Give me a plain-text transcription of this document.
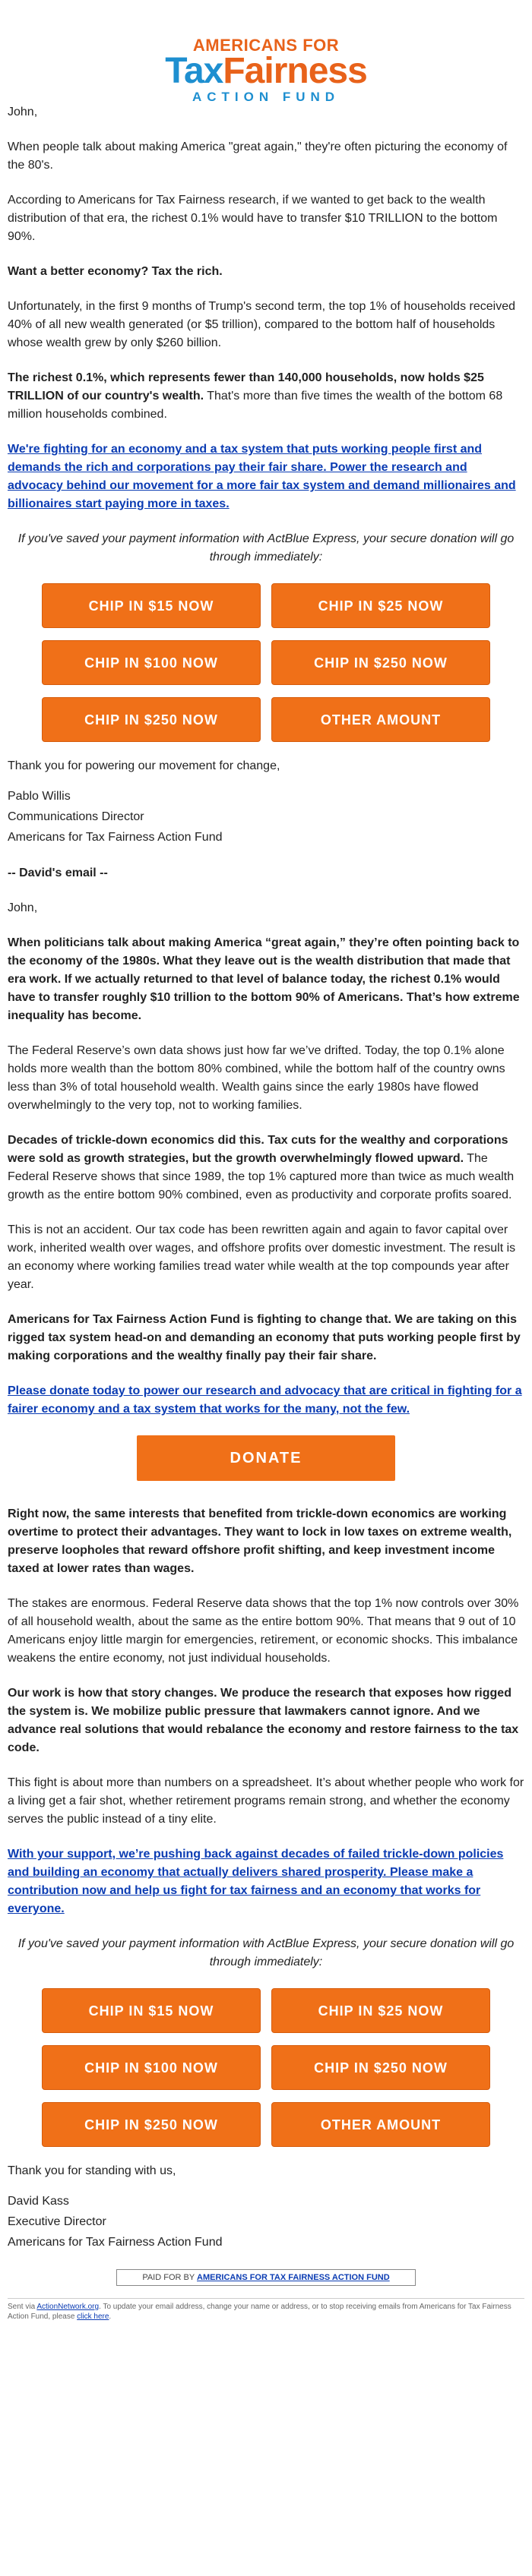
AMERICANS FOR
TaxFairness
ACTION FUND

John,

When people talk about making America "great again," they're often picturing the economy of the 80's.

According to Americans for Tax Fairness research, if we wanted to get back to the wealth distribution of that era, the richest 0.1% would have to transfer $10 TRILLION to the bottom 90%.

Want a better economy? Tax the rich.

Unfortunately, in the first 9 months of Trump's second term, the top 1% of households received 40% of all new wealth generated (or $5 trillion), compared to the bottom half of households whose wealth grew by only $260 billion.

The richest 0.1%, which represents fewer than 140,000 households, now holds $25 TRILLION of our country's wealth. That's more than five times the wealth of the bottom 68 million households combined.

We're fighting for an economy and a tax system that puts working people first and demands the rich and corporations pay their fair share. Power the research and advocacy behind our movement for a more fair tax system and demand millionaires and billionaires start paying more in taxes.

If you've saved your payment information with ActBlue Express, your secure donation will go through immediately:

CHIP IN $15 NOW	CHIP IN $25 NOW
CHIP IN $100 NOW	CHIP IN $250 NOW
CHIP IN $250 NOW	OTHER AMOUNT

Thank you for powering our movement for change,

Pablo Willis

Communications Director

Americans for Tax Fairness Action Fund

-- David's email --

John,

When politicians talk about making America “great again,” they’re often pointing back to the economy of the 1980s. What they leave out is the wealth distribution that made that era work. If we actually returned to that level of balance today, the richest 0.1% would have to transfer roughly $10 trillion to the bottom 90% of Americans. That’s how extreme inequality has become.

The Federal Reserve’s own data shows just how far we’ve drifted. Today, the top 0.1% alone holds more wealth than the bottom 80% combined, while the bottom half of the country owns less than 3% of total household wealth. Wealth gains since the early 1980s have flowed overwhelmingly to the very top, not to working families.

Decades of trickle-down economics did this. Tax cuts for the wealthy and corporations were sold as growth strategies, but the growth overwhelmingly flowed upward. The Federal Reserve shows that since 1989, the top 1% captured more than twice as much wealth growth as the entire bottom 90% combined, even as productivity and corporate profits soared.

This is not an accident. Our tax code has been rewritten again and again to favor capital over work, inherited wealth over wages, and offshore profits over domestic investment. The result is an economy where working families tread water while wealth at the top compounds year after year.

Americans for Tax Fairness Action Fund is fighting to change that. We are taking on this rigged tax system head-on and demanding an economy that puts working people first by making corporations and the wealthy finally pay their fair share.

Please donate today to power our research and advocacy that are critical in fighting for a fairer economy and a tax system that works for the many, not the few.

DONATE

Right now, the same interests that benefited from trickle-down economics are working overtime to protect their advantages. They want to lock in low taxes on extreme wealth, preserve loopholes that reward offshore profit shifting, and keep investment income taxed at lower rates than wages.

The stakes are enormous. Federal Reserve data shows that the top 1% now controls over 30% of all household wealth, about the same as the entire bottom 90%. That means that 9 out of 10 Americans enjoy little margin for emergencies, retirement, or economic shocks. This imbalance weakens the entire economy, not just individual households.

Our work is how that story changes. We produce the research that exposes how rigged the system is. We mobilize public pressure that lawmakers cannot ignore. And we advance real solutions that would rebalance the economy and restore fairness to the tax code.

This fight is about more than numbers on a spreadsheet. It’s about whether people who work for a living get a fair shot, whether retirement programs remain strong, and whether the economy serves the public instead of a tiny elite.

With your support, we’re pushing back against decades of failed trickle-down policies and building an economy that actually delivers shared prosperity. Please make a contribution now and help us fight for tax fairness and an economy that works for everyone.

If you've saved your payment information with ActBlue Express, your secure donation will go through immediately:

CHIP IN $15 NOW	CHIP IN $25 NOW
CHIP IN $100 NOW	CHIP IN $250 NOW
CHIP IN $250 NOW	OTHER AMOUNT

Thank you for standing with us,

David Kass

Executive Director

Americans for Tax Fairness Action Fund

PAID FOR BY AMERICANS FOR TAX FAIRNESS ACTION FUND
Sent via ActionNetwork.org. To update your email address, change your name or address, or to stop receiving emails from Americans for Tax Fairness Action Fund, please click here.
